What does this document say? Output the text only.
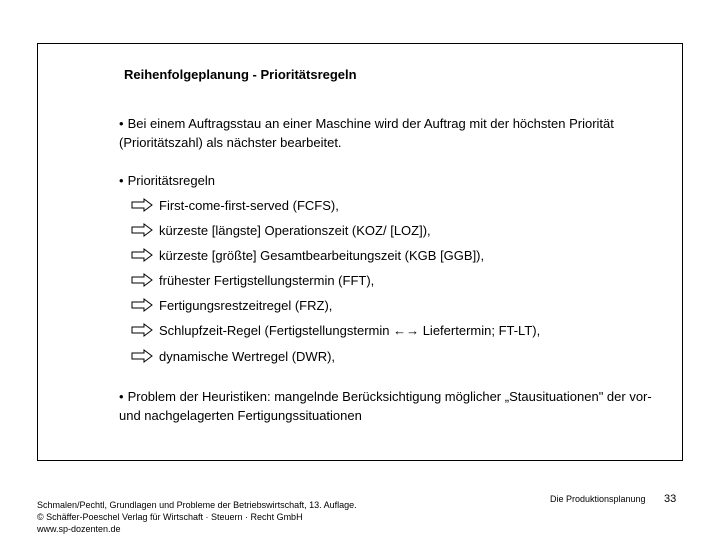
Reihenfolgeplanung - Prioritätsregeln
• Bei einem Auftragsstau an einer Maschine wird der Auftrag mit der höchsten Priorität (Prioritätszahl) als nächster bearbeitet.
• Prioritätsregeln
First-come-first-served (FCFS),
kürzeste [längste] Operationszeit (KOZ/ [LOZ]),
kürzeste [größte] Gesamtbearbeitungszeit (KGB [GGB]),
frühester Fertigstellungstermin (FFT),
Fertigungsrestzeitregel (FRZ),
Schlupfzeit-Regel (Fertigstellungstermin ←→ Liefertermin; FT-LT),
dynamische Wertregel (DWR),
• Problem der Heuristiken: mangelnde Berücksichtigung möglicher „Stausituationen" der vor- und nachgelagerten Fertigungssituationen
Schmalen/Pechtl, Grundlagen und Probleme der Betriebswirtschaft, 13. Auflage.
© Schäffer-Poeschel Verlag für Wirtschaft · Steuern · Recht GmbH
www.sp-dozenten.de
Die Produktionsplanung 33
